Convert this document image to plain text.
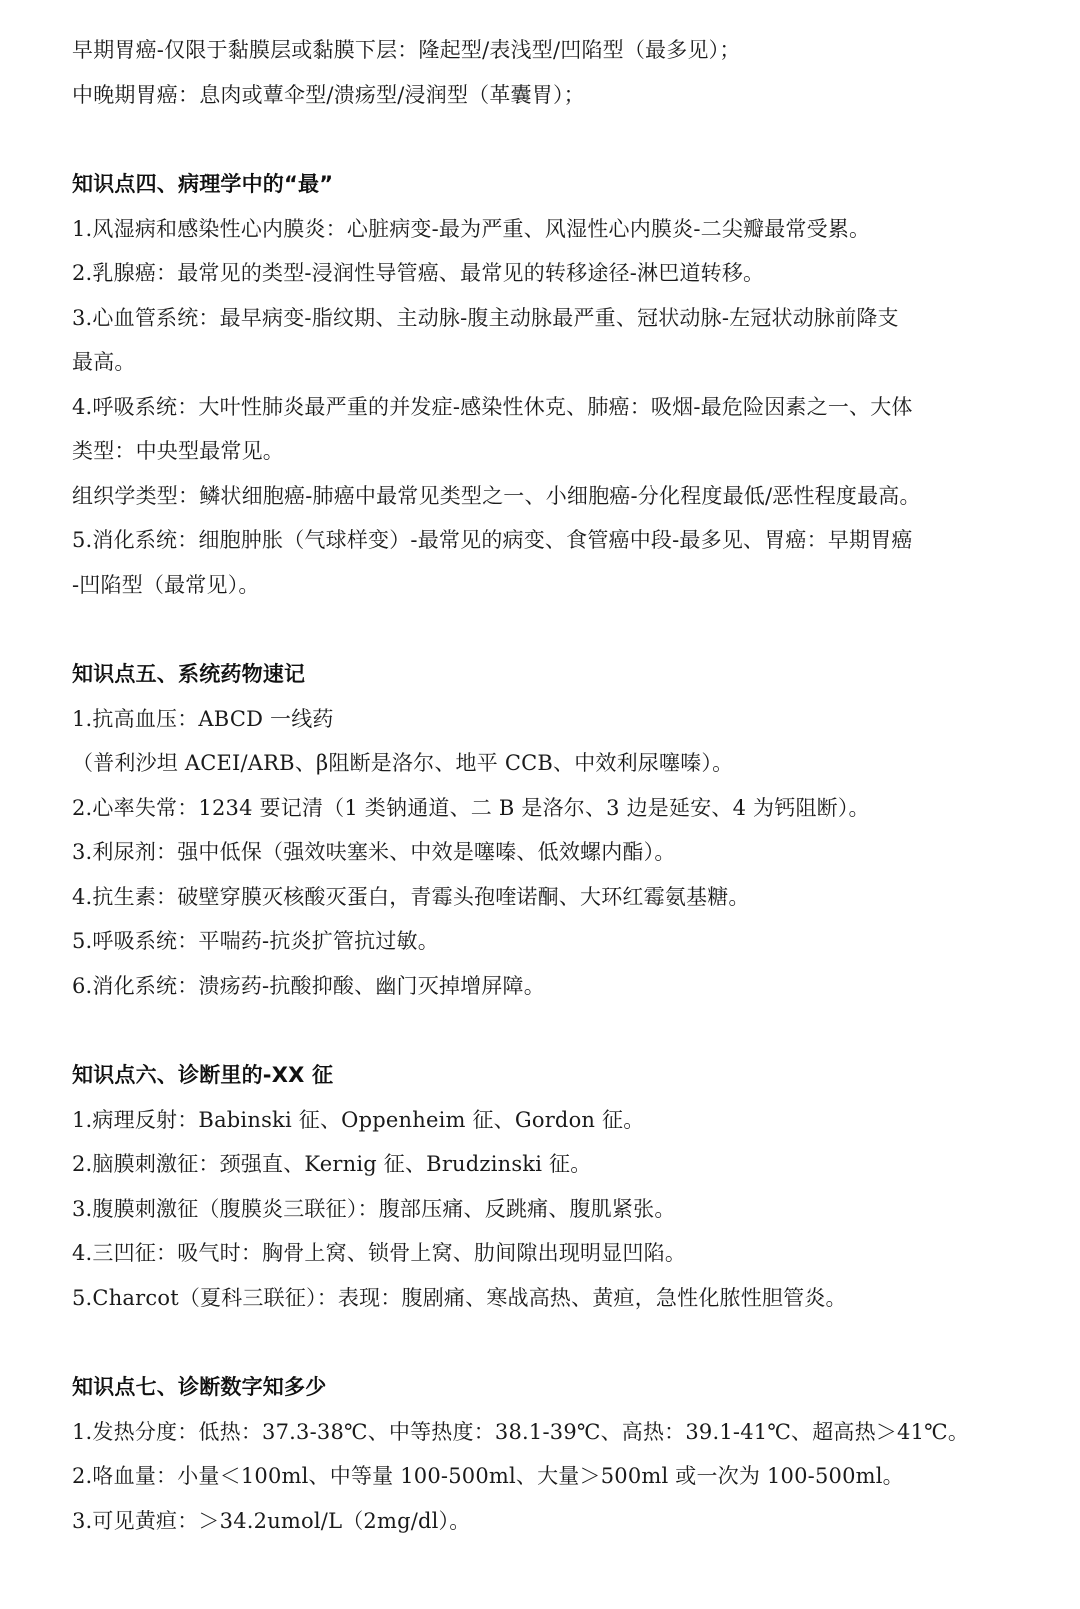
早期胃癌-仅限于黏膜层或黏膜下层：隆起型/表浅型/凹陷型（最多见）；
中晚期胃癌：息肉或蕈伞型/溃疡型/浸润型（革囊胃）；
知识点四、病理学中的“最”
1.风湿病和感染性心内膜炎：心脏病变-最为严重、风湿性心内膜炎-二尖瓣最常受累。
2.乳腺癌：最常见的类型-浸润性导管癌、最常见的转移途径-淋巴道转移。
3.心血管系统：最早病变-脂纹期、主动脉-腹主动脉最严重、冠状动脉-左冠状动脉前降支
最高。
4.呼吸系统：大叶性肺炎最严重的并发症-感染性休克、肺癌：吸烟-最危险因素之一、大体
类型：中央型最常见。
组织学类型：鳞状细胞癌-肺癌中最常见类型之一、小细胞癌-分化程度最低/恶性程度最高。
5.消化系统：细胞肿胀（气球样变）-最常见的病变、食管癌中段-最多见、胃癌：早期胃癌
-凹陷型（最常见）。
知识点五、系统药物速记
1.抗高血压：ABCD 一线药
（普利沙坦 ACEI/ARB、β阻断是洛尔、地平 CCB、中效利尿噻嗪）。
2.心率失常：1234 要记清（1 类钠通道、二 B 是洛尔、3 边是延安、4 为钙阻断）。
3.利尿剂：强中低保（强效呋塞米、中效是噻嗪、低效螺内酯）。
4.抗生素：破壁穿膜灭核酸灭蛋白，青霉头孢喹诺酮、大环红霉氨基糖。
5.呼吸系统：平喘药-抗炎扩管抗过敏。
6.消化系统：溃疡药-抗酸抑酸、幽门灭掉增屏障。
知识点六、诊断里的-XX 征
1.病理反射：Babinski 征、Oppenheim 征、Gordon 征。
2.脑膜刺激征：颈强直、Kernig 征、Brudzinski 征。
3.腹膜刺激征（腹膜炎三联征）：腹部压痛、反跳痛、腹肌紧张。
4.三凹征：吸气时：胸骨上窝、锁骨上窝、肋间隙出现明显凹陷。
5.Charcot（夏科三联征）：表现：腹剧痛、寒战高热、黄疸，急性化脓性胆管炎。
知识点七、诊断数字知多少
1.发热分度：低热：37.3-38℃、中等热度：38.1-39℃、高热：39.1-41℃、超高热＞41℃。
2.咯血量：小量＜100ml、中等量 100-500ml、大量＞500ml 或一次为 100-500ml。
3.可见黄疸：＞34.2umol/L（2mg/dl）。
